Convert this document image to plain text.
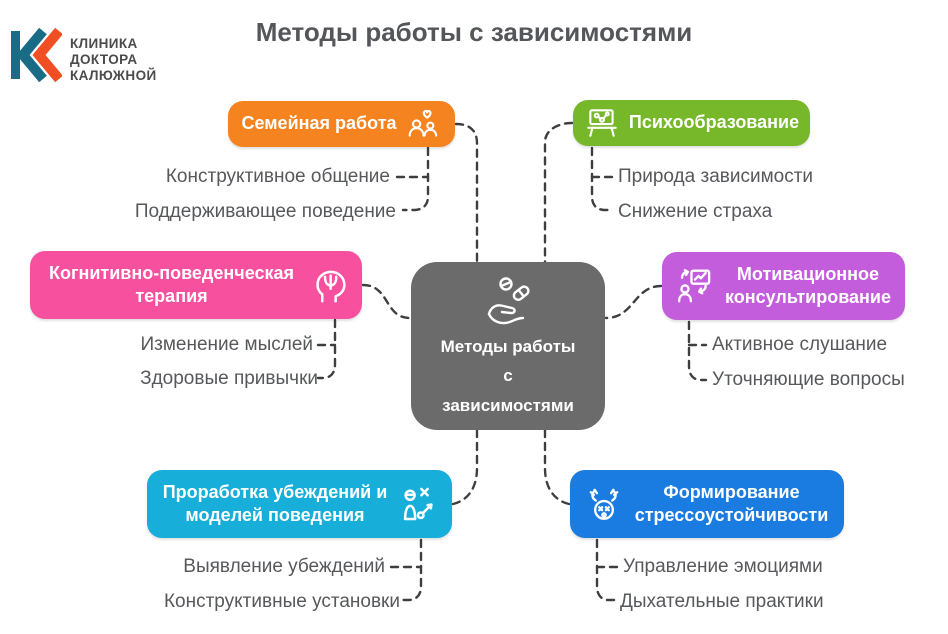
КЛИНИКА
ДОКТОРА
КАЛЮЖНОЙ
Методы работы с зависимостями
Методы работы
с
зависимостями
Семейная работа	Психообразование
Когнитивно-поведенческая терапия
Мотивационное консультирование
Проработка убеждений и моделей поведения
Формирование стрессоустойчивости
Конструктивное общение
Поддерживающее поведение
Природа зависимости
Снижение страха
Изменение мыслей
Здоровые привычки
Активное слушание
Уточняющие вопросы
Выявление убеждений
Конструктивные установки
Управление эмоциями
Дыхательные практики
